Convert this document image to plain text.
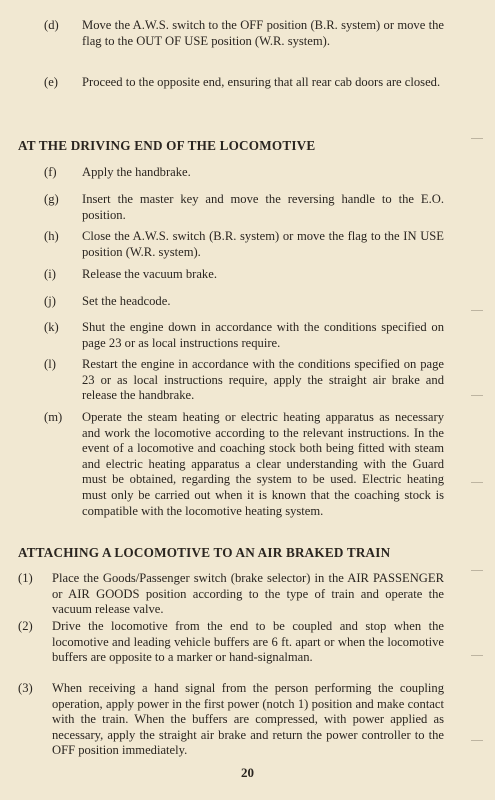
(d) Move the A.W.S. switch to the OFF position (B.R. system) or move the flag to the OUT OF USE position (W.R. system).
(e) Proceed to the opposite end, ensuring that all rear cab doors are closed.
AT THE DRIVING END OF THE LOCOMOTIVE
(f) Apply the handbrake.
(g) Insert the master key and move the reversing handle to the E.O. position.
(h) Close the A.W.S. switch (B.R. system) or move the flag to the IN USE position (W.R. system).
(i) Release the vacuum brake.
(j) Set the headcode.
(k) Shut the engine down in accordance with the conditions specified on page 23 or as local instructions require.
(l) Restart the engine in accordance with the conditions specified on page 23 or as local instructions require, apply the straight air brake and release the handbrake.
(m) Operate the steam heating or electric heating apparatus as necessary and work the locomotive according to the relevant instructions. In the event of a locomotive and coaching stock both being fitted with steam and electric heating apparatus a clear understanding with the Guard must be obtained, regarding the system to be used. Electric heating must only be carried out when it is known that the coaching stock is compatible with the locomotive heating system.
ATTACHING A LOCOMOTIVE TO AN AIR BRAKED TRAIN
(1) Place the Goods/Passenger switch (brake selector) in the AIR PASSENGER or AIR GOODS position according to the type of train and operate the vacuum release valve.
(2) Drive the locomotive from the end to be coupled and stop when the locomotive and leading vehicle buffers are 6 ft. apart or when the locomotive buffers are opposite to a marker or hand-signalman.
(3) When receiving a hand signal from the person performing the coupling operation, apply power in the first power (notch 1) position and make contact with the train. When the buffers are compressed, with power applied as necessary, apply the straight air brake and return the power controller to the OFF position immediately.
20
